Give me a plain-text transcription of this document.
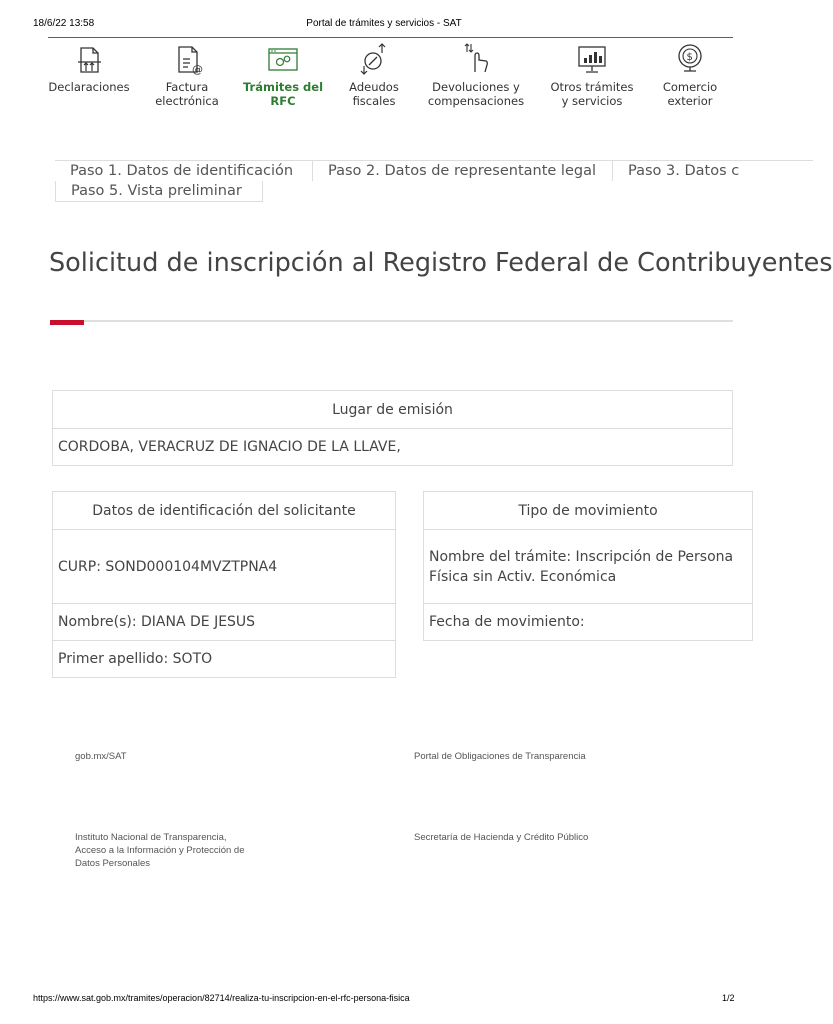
18/6/22 13:58	Portal de trámites y servicios - SAT
Declaraciones
@
Factura
electrónica
Trámites del
RFC
Adeudos
fiscales
Devoluciones y
compensaciones
Otros trámites
y servicios
$
Comercio
exterior
Paso 1. Datos de identificación	Paso 2. Datos de representante legal	Paso 3. Datos c
Paso 5. Vista preliminar
Solicitud de inscripción al Registro Federal de Contribuyentes
Lugar de emisión
CORDOBA, VERACRUZ DE IGNACIO DE LA LLAVE,
Datos de identificación del solicitante
CURP: SOND000104MVZTPNA4
Nombre(s): DIANA DE JESUS
Primer apellido: SOTO
Tipo de movimiento
Nombre del trámite: Inscripción de Persona Física sin Activ. Económica
Fecha de movimiento:
gob.mx/SAT	Portal de Obligaciones de Transparencia
Instituto Nacional de Transparencia,
Acceso a la Información y Protección de
Datos Personales
Secretaría de Hacienda y Crédito Público
https://www.sat.gob.mx/tramites/operacion/82714/realiza-tu-inscripcion-en-el-rfc-persona-fisica	1/2
